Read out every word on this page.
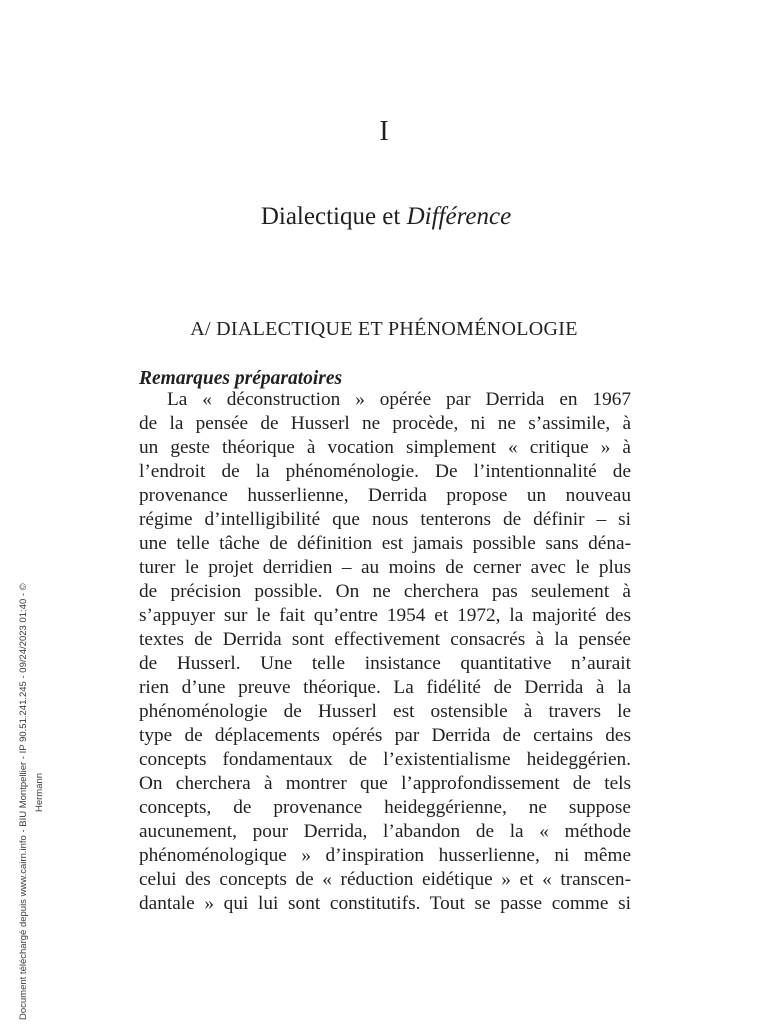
I
Dialectique et Différence
A/ DIALECTIQUE ET PHÉNOMÉNOLOGIE
Remarques préparatoires
La « déconstruction » opérée par Derrida en 1967
de la pensée de Husserl ne procède, ni ne s’assimile, à
un geste théorique à vocation simplement « critique » à
l’endroit de la phénoménologie. De l’intentionnalité de
provenance husserlienne, Derrida propose un nouveau
régime d’intelligibilité que nous tenterons de définir – si
une telle tâche de définition est jamais possible sans déna-
turer le projet derridien – au moins de cerner avec le plus
de précision possible. On ne cherchera pas seulement à
s’appuyer sur le fait qu’entre 1954 et 1972, la majorité des
textes de Derrida sont effectivement consacrés à la pensée
de Husserl. Une telle insistance quantitative n’aurait
rien d’une preuve théorique. La fidélité de Derrida à la
phénoménologie de Husserl est ostensible à travers le
type de déplacements opérés par Derrida de certains des
concepts fondamentaux de l’existentialisme heideggérien.
On cherchera à montrer que l’approfondissement de tels
concepts, de provenance heideggérienne, ne suppose
aucunement, pour Derrida, l’abandon de la « méthode
phénoménologique » d’inspiration husserlienne, ni même
celui des concepts de « réduction eidétique » et « transcen-
dantale » qui lui sont constitutifs. Tout se passe comme si
Document téléchargé depuis www.cairn.info - BIU Montpellier - IP 90.51.241.245 - 09/24/2023 01:40 - © Hermann
